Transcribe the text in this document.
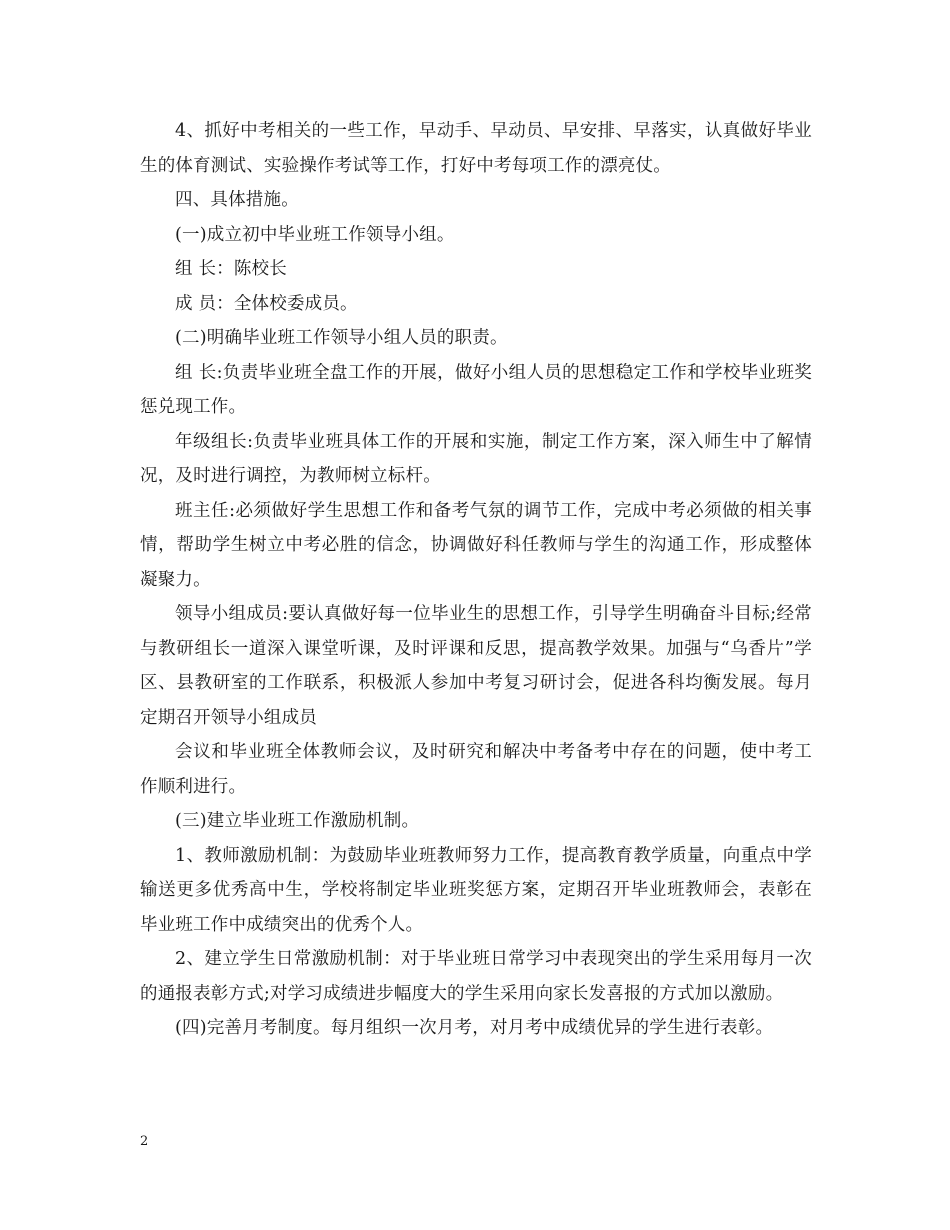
4、抓好中考相关的一些工作，早动手、早动员、早安排、早落实，认真做好毕业生的体育测试、实验操作考试等工作，打好中考每项工作的漂亮仗。

四、具体措施。

(一)成立初中毕业班工作领导小组。

组 长：陈校长

成 员：全体校委成员。

(二)明确毕业班工作领导小组人员的职责。

组 长:负责毕业班全盘工作的开展，做好小组人员的思想稳定工作和学校毕业班奖惩兑现工作。

年级组长:负责毕业班具体工作的开展和实施，制定工作方案，深入师生中了解情况，及时进行调控，为教师树立标杆。

班主任:必须做好学生思想工作和备考气氛的调节工作，完成中考必须做的相关事情，帮助学生树立中考必胜的信念，协调做好科任教师与学生的沟通工作，形成整体凝聚力。

领导小组成员:要认真做好每一位毕业生的思想工作，引导学生明确奋斗目标;经常与教研组长一道深入课堂听课，及时评课和反思，提高教学效果。加强与“乌香片”学区、县教研室的工作联系，积极派人参加中考复习研讨会，促进各科均衡发展。每月定期召开领导小组成员

会议和毕业班全体教师会议，及时研究和解决中考备考中存在的问题，使中考工作顺利进行。

(三)建立毕业班工作激励机制。

1、教师激励机制：为鼓励毕业班教师努力工作，提高教育教学质量，向重点中学输送更多优秀高中生，学校将制定毕业班奖惩方案，定期召开毕业班教师会，表彰在毕业班工作中成绩突出的优秀个人。

2、建立学生日常激励机制：对于毕业班日常学习中表现突出的学生采用每月一次的通报表彰方式;对学习成绩进步幅度大的学生采用向家长发喜报的方式加以激励。

(四)完善月考制度。每月组织一次月考，对月考中成绩优异的学生进行表彰。

2
